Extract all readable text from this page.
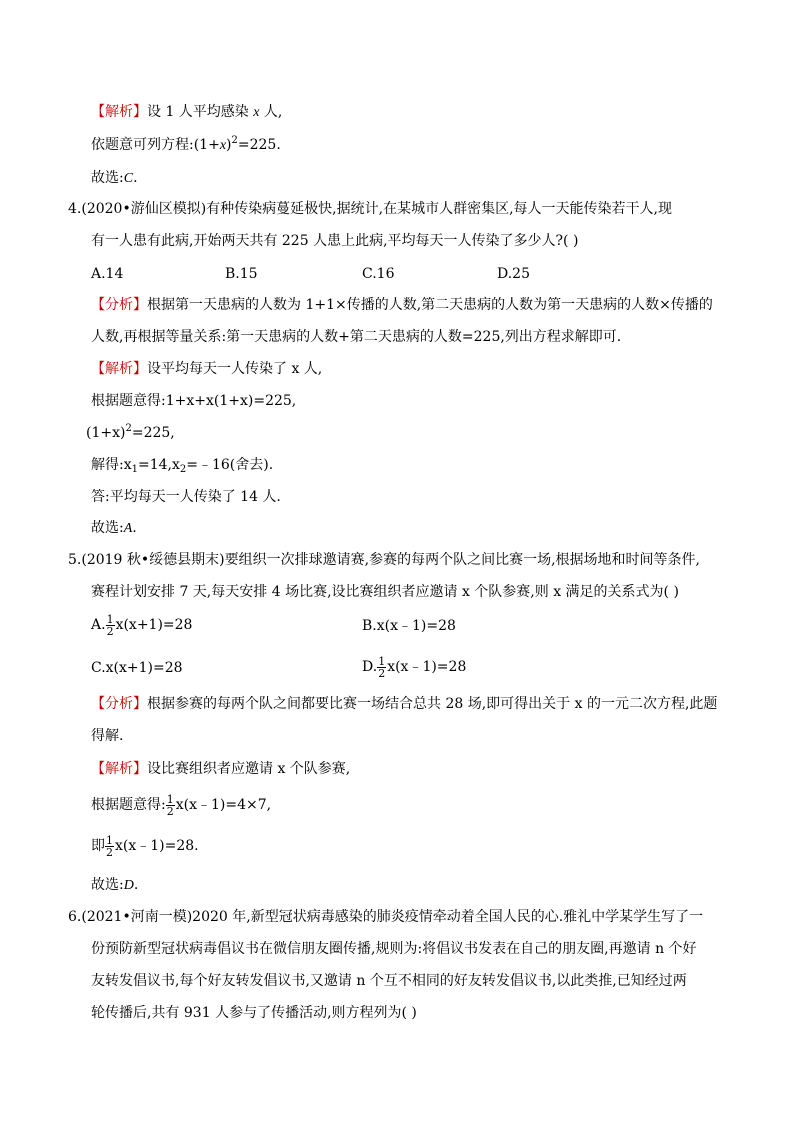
【解析】设 1 人平均感染 x 人,
依题意可列方程$:(1+x)^2=225$.
故选:C.
4.(2020•游仙区模拟)有种传染病蔓延极快,据统计,在某城市人群密集区,每人一天能传染若干人,现
有一人患有此病,开始两天共有 225 人患上此病,平均每天一人传染了多少人?( )
A.14	B.15	C.16	D.25
【分析】根据第一天患病的人数为 1+1×传播的人数,第二天患病的人数为第一天患病的人数×传播的
人数,再根据等量关系:第一天患病的人数+第二天患病的人数=225,列出方程求解即可.
【解析】设平均每天一人传染了 x 人,
根据题意得:1+x+x(1+x)=225,
$(1+x)^2=225$,
解得$:x_1=14,x_2=﹣16$(舍去).
答:平均每天一人传染了 14 人.
故选:A.
5.(2019 秋•绥德县期末)要组织一次排球邀请赛,参赛的每两个队之间比赛一场,根据场地和时间等条件,
赛程计划安排 7 天,每天安排 4 场比赛,设比赛组织者应邀请 x 个队参赛,则 x 满足的关系式为( )
A. $\frac{1}{2} x(x+1)=28$	B.x(x﹣1)=28
C.x(x+1)=28	D. $\frac{1}{2}$ x(x﹣1)=28
【分析】根据参赛的每两个队之间都要比赛一场结合总共 28 场,即可得出关于 x 的一元二次方程,此题
得解.
【解析】设比赛组织者应邀请 x 个队参赛,
根据题意得: $\frac{1}{2}$ x(x﹣1)=4×7,
即 $\frac{1}{2}$ x(x﹣1)=28.
故选:D.
6.(2021•河南一模)2020 年,新型冠状病毒感染的肺炎疫情牵动着全国人民的心.雅礼中学某学生写了一
份预防新型冠状病毒倡议书在微信朋友圈传播,规则为:将倡议书发表在自己的朋友圈,再邀请 n 个好
友转发倡议书,每个好友转发倡议书,又邀请 n 个互不相同的好友转发倡议书,以此类推,已知经过两
轮传播后,共有 931 人参与了传播活动,则方程列为( )
